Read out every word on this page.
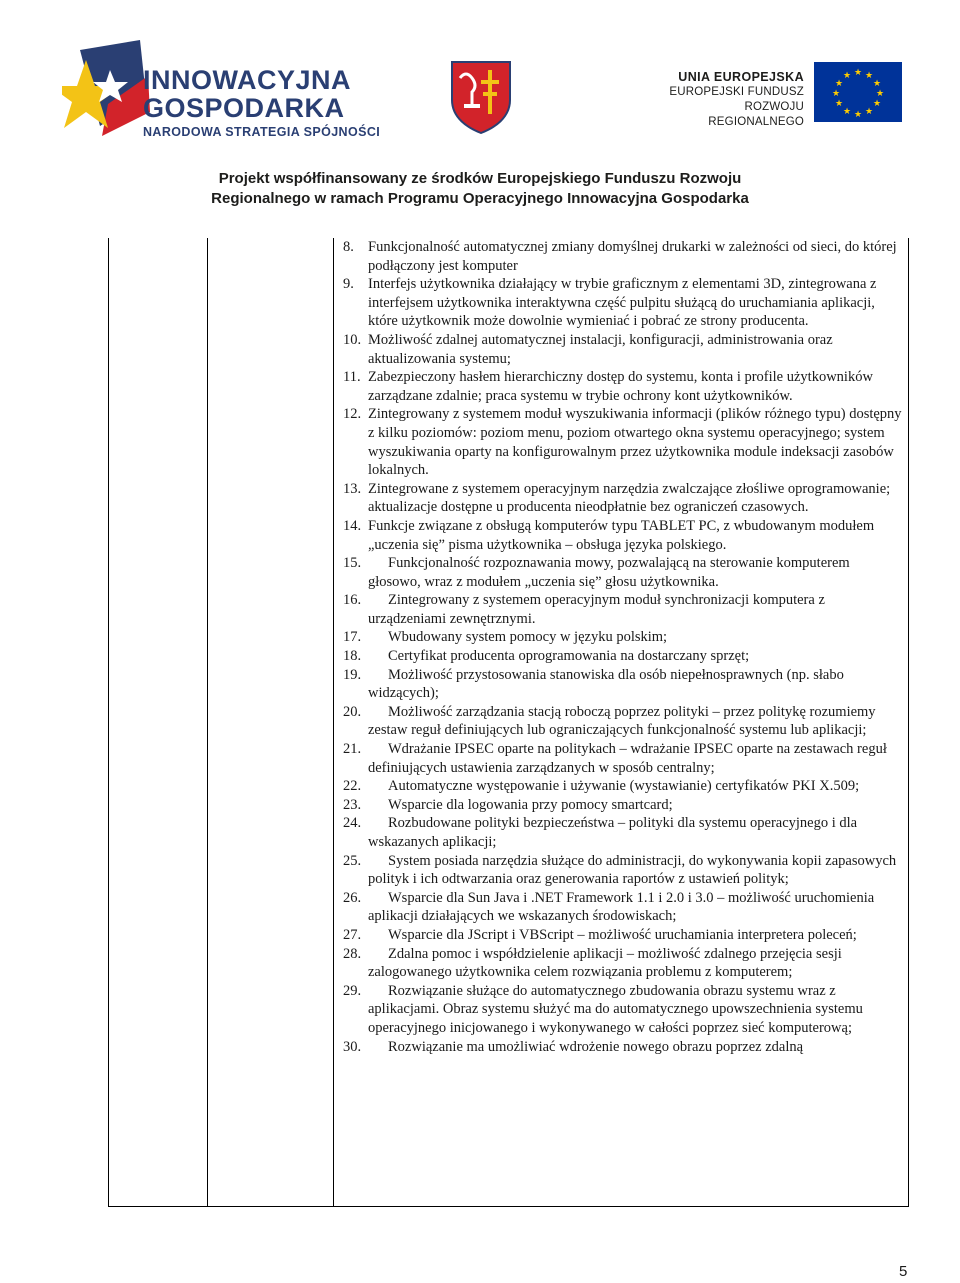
INNOWACYJNA
GOSPODARKA
NARODOWA STRATEGIA SPÓJNOŚCI
UNIA EUROPEJSKA
EUROPEJSKI FUNDUSZ
ROZWOJU REGIONALNEGO
★ ★
★
★
★
★
★
★
★
★
★
★
Projekt współfinansowany ze środków Europejskiego Funduszu Rozwoju
Regionalnego w ramach Programu Operacyjnego Innowacyjna Gospodarka
8. Funkcjonalność automatycznej zmiany domyślnej drukarki w zależności od sieci, do której podłączony jest komputer
9. Interfejs użytkownika działający w trybie graficznym z elementami 3D, zintegrowana z interfejsem użytkownika interaktywna część pulpitu służącą do uruchamiania aplikacji, które użytkownik może dowolnie wymieniać i pobrać ze strony producenta.
10. Możliwość zdalnej automatycznej instalacji, konfiguracji, administrowania oraz aktualizowania systemu;
11. Zabezpieczony hasłem hierarchiczny dostęp do systemu, konta i profile użytkowników zarządzane zdalnie; praca systemu w trybie ochrony kont użytkowników.
12. Zintegrowany z systemem moduł wyszukiwania informacji (plików różnego typu) dostępny z kilku poziomów: poziom menu, poziom otwartego okna systemu operacyjnego; system wyszukiwania oparty na konfigurowalnym przez użytkownika module indeksacji zasobów lokalnych.
13. Zintegrowane z systemem operacyjnym narzędzia zwalczające złośliwe oprogramowanie; aktualizacje dostępne u producenta nieodpłatnie bez ograniczeń czasowych.
14. Funkcje związane z obsługą komputerów typu TABLET PC, z wbudowanym modułem „uczenia się” pisma użytkownika – obsługa języka polskiego.
15.	Funkcjonalność rozpoznawania mowy, pozwalającą na sterowanie komputerem głosowo, wraz z modułem „uczenia się” głosu użytkownika.
16.	Zintegrowany z systemem operacyjnym moduł synchronizacji komputera z urządzeniami zewnętrznymi.
17.	Wbudowany system pomocy w języku polskim;
18.	Certyfikat producenta oprogramowania na dostarczany sprzęt;
19.	Możliwość przystosowania stanowiska dla osób niepełnosprawnych (np. słabo widzących);
20.	Możliwość zarządzania stacją roboczą poprzez polityki – przez politykę rozumiemy zestaw reguł definiujących lub ograniczających funkcjonalność systemu lub aplikacji;
21.	Wdrażanie IPSEC oparte na politykach – wdrażanie IPSEC oparte na zestawach reguł definiujących ustawienia zarządzanych w sposób centralny;
22.	Automatyczne występowanie i używanie (wystawianie) certyfikatów PKI X.509;
23.	Wsparcie dla logowania przy pomocy smartcard;
24.	Rozbudowane polityki bezpieczeństwa – polityki dla systemu operacyjnego i dla wskazanych aplikacji;
25.	System posiada narzędzia służące do administracji, do wykonywania kopii zapasowych polityk i ich odtwarzania oraz generowania raportów z ustawień polityk;
26.	Wsparcie dla Sun Java i .NET Framework 1.1 i 2.0 i 3.0 – możliwość uruchomienia aplikacji działających we wskazanych środowiskach;
27.	Wsparcie dla JScript i VBScript – możliwość uruchamiania interpretera poleceń;
28.	Zdalna pomoc i współdzielenie aplikacji – możliwość zdalnego przejęcia sesji zalogowanego użytkownika celem rozwiązania problemu z komputerem;
29.	Rozwiązanie służące do automatycznego zbudowania obrazu systemu wraz z aplikacjami. Obraz systemu służyć ma do automatycznego upowszechnienia systemu operacyjnego inicjowanego i wykonywanego w całości poprzez sieć komputerową;
30.	Rozwiązanie ma umożliwiać wdrożenie nowego obrazu poprzez zdalną
5
